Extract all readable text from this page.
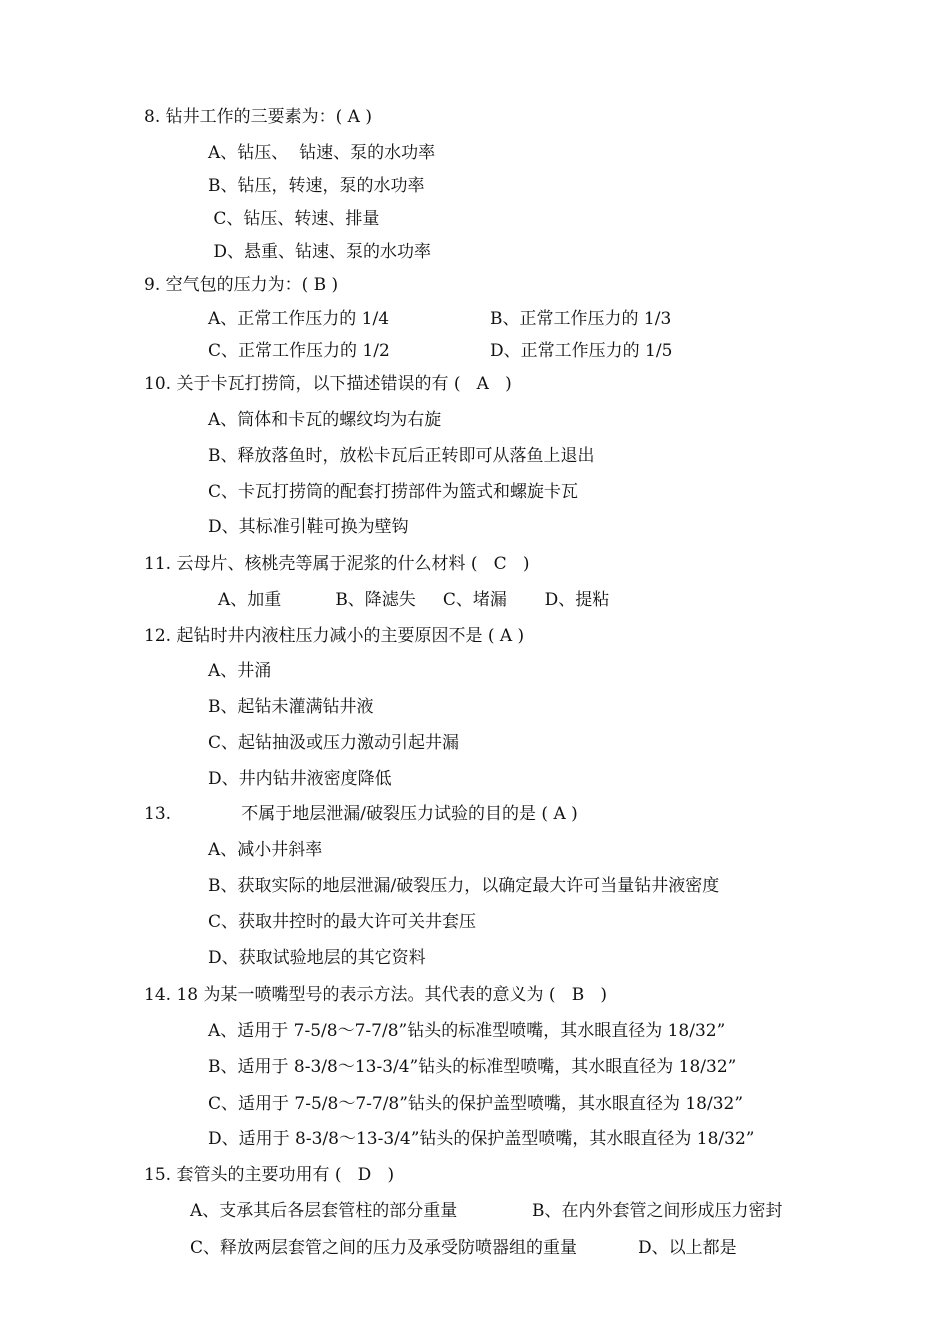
8. 钻井工作的三要素为：( A )
A、钻压、  钻速、泵的水功率
B、钻压，转速，泵的水功率
C、钻压、转速、排量
D、悬重、钻速、泵的水功率
9. 空气包的压力为：( B )
A、正常工作压力的 1/4	B、正常工作压力的 1/3
C、正常工作压力的 1/2	D、正常工作压力的 1/5
10. 关于卡瓦打捞筒，以下描述错误的有 (   A   )
A、筒体和卡瓦的螺纹均为右旋
B、释放落鱼时，放松卡瓦后正转即可从落鱼上退出
C、卡瓦打捞筒的配套打捞部件为篮式和螺旋卡瓦
D、其标准引鞋可换为壁钩
11. 云母片、核桃壳等属于泥浆的什么材料 (   C   )
A、加重          B、降滤失     C、堵漏       D、提粘
12. 起钻时井内液柱压力减小的主要原因不是 ( A )
A、井涌
B、起钻未灌满钻井液
C、起钻抽汲或压力激动引起井漏
D、井内钻井液密度降低
13.             不属于地层泄漏/破裂压力试验的目的是 ( A )
A、减小井斜率
B、获取实际的地层泄漏/破裂压力，以确定最大许可当量钻井液密度
C、获取井控时的最大许可关井套压
D、获取试验地层的其它资料
14. 18 为某一喷嘴型号的表示方法。其代表的意义为 (   B   )
A、适用于 7-5/8～7-7/8”钻头的标准型喷嘴，其水眼直径为 18/32”
B、适用于 8-3/8～13-3/4”钻头的标准型喷嘴，其水眼直径为 18/32”
C、适用于 7-5/8～7-7/8”钻头的保护盖型喷嘴，其水眼直径为 18/32”
D、适用于 8-3/8～13-3/4”钻头的保护盖型喷嘴，其水眼直径为 18/32”
15. 套管头的主要功用有 (   D   )
A、支承其后各层套管柱的部分重量	B、在内外套管之间形成压力密封
C、释放两层套管之间的压力及承受防喷器组的重量	D、以上都是
